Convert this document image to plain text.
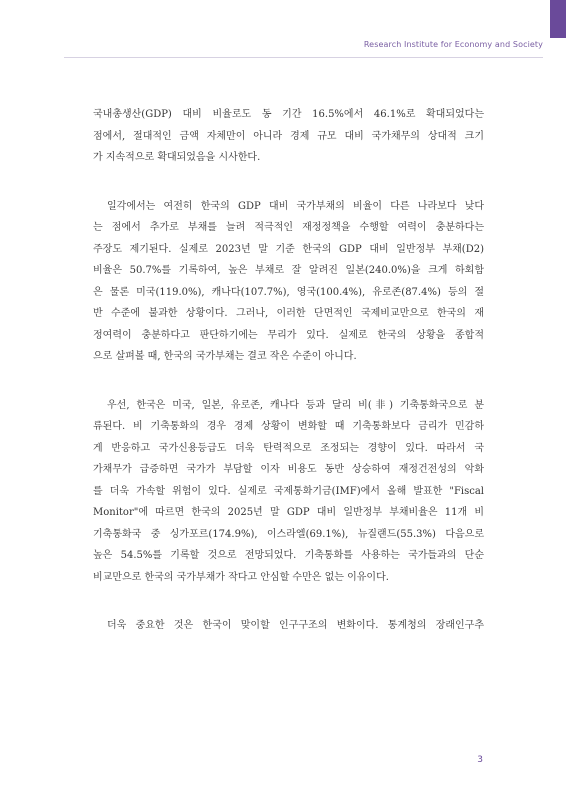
Research Institute for Economy and Society
국내총생산(GDP) 대비 비율로도 동 기간 16.5%에서 46.1%로 확대되었다는
점에서, 절대적인 금액 자체만이 아니라 경제 규모 대비 국가채무의 상대적 크기
가 지속적으로 확대되었음을 시사한다.
일각에서는 여전히 한국의 GDP 대비 국가부채의 비율이 다른 나라보다 낮다
는 점에서 추가로 부채를 늘려 적극적인 재정정책을 수행할 여력이 충분하다는
주장도 제기된다. 실제로 2023년 말 기준 한국의 GDP 대비 일반정부 부채(D2)
비율은 50.7%를 기록하여, 높은 부채로 잘 알려진 일본(240.0%)을 크게 하회함
은 물론 미국(119.0%), 캐나다(107.7%), 영국(100.4%), 유로존(87.4%) 등의 절
반 수준에 불과한 상황이다. 그러나, 이러한 단면적인 국제비교만으로 한국의 재
정여력이 충분하다고 판단하기에는 무리가 있다. 실제로 한국의 상황을 종합적
으로 살펴볼 때, 한국의 국가부채는 결코 작은 수준이 아니다.
우선, 한국은 미국, 일본, 유로존, 캐나다 등과 달리 비(非) 기축통화국으로 분
류된다. 비 기축통화의 경우 경제 상황이 변화할 때 기축통화보다 금리가 민감하
게 반응하고 국가신용등급도 더욱 탄력적으로 조정되는 경향이 있다. 따라서 국
가채무가 급증하면 국가가 부담할 이자 비용도 동반 상승하여 재정건전성의 악화
를 더욱 가속할 위험이 있다. 실제로 국제통화기금(IMF)에서 올해 발표한 "Fiscal
Monitor"에 따르면 한국의 2025년 말 GDP 대비 일반정부 부채비율은 11개 비
기축통화국 중 싱가포르(174.9%), 이스라엘(69.1%), 뉴질랜드(55.3%) 다음으로
높은 54.5%를 기록할 것으로 전망되었다. 기축통화를 사용하는 국가들과의 단순
비교만으로 한국의 국가부채가 작다고 안심할 수만은 없는 이유이다.
더욱 중요한 것은 한국이 맞이할 인구구조의 변화이다. 통계청의 장래인구추
3
